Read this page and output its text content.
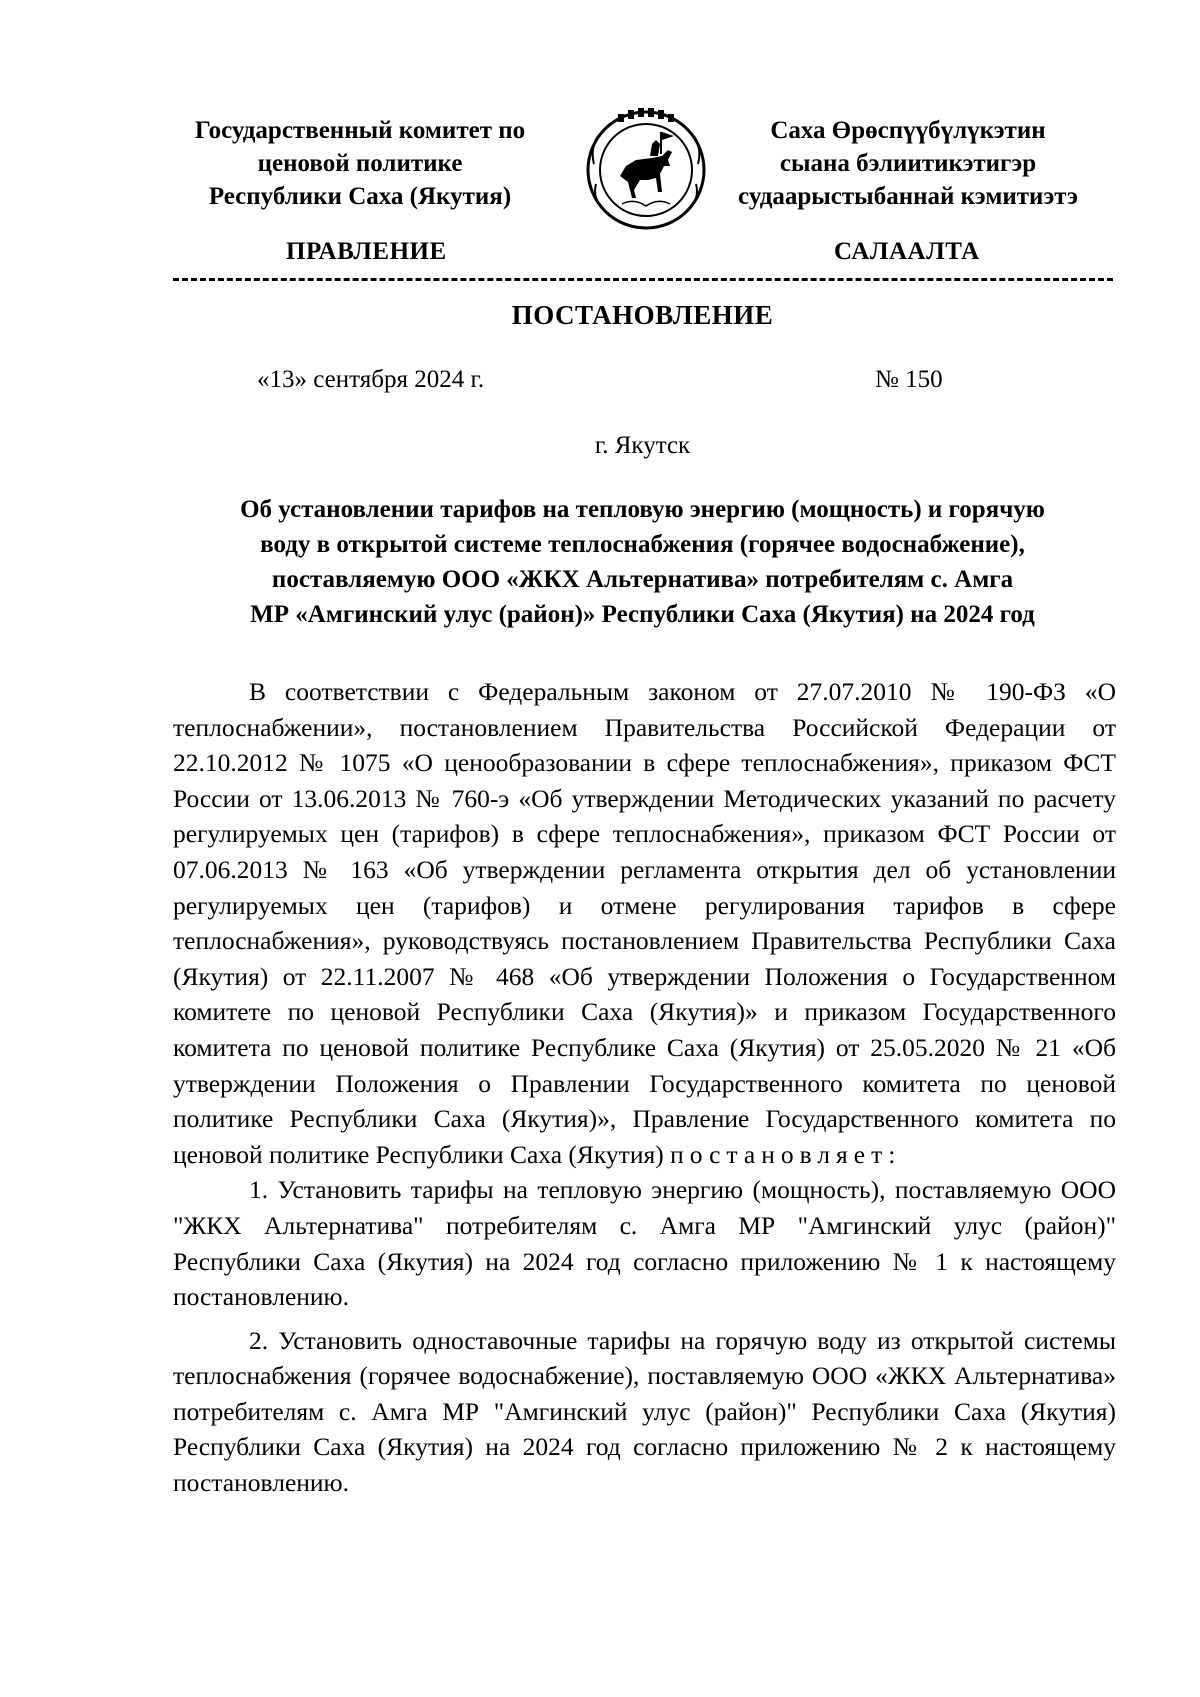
Государственный комитет по
ценовой политике
Республики Саха (Якутия)
Саха Өрөспүүбүлүкэтин
сыана бэлиитикэтигэр
судаарыстыбаннай кэмитиэтэ
ПРАВЛЕНИЕ	САЛААЛТА
ПОСТАНОВЛЕНИЕ
«13» сентября 2024 г.	№ 150
г. Якутск
Об установлении тарифов на тепловую энергию (мощность) и горячую
воду в открытой системе теплоснабжения (горячее водоснабжение),
поставляемую ООО «ЖКХ Альтернатива» потребителям с. Амга
МР «Амгинский улус (район)» Республики Саха (Якутия) на 2024 год

В соответствии с Федеральным законом от 27.07.2010 № 190-ФЗ «О теплоснабжении», постановлением Правительства Российской Федерации от 22.10.2012 № 1075 «О ценообразовании в сфере теплоснабжения», приказом ФСТ России от 13.06.2013 № 760-э «Об утверждении Методических указаний по расчету регулируемых цен (тарифов) в сфере теплоснабжения», приказом ФСТ России от 07.06.2013 № 163 «Об утверждении регламента открытия дел об установлении регулируемых цен (тарифов) и отмене регулирования тарифов в сфере теплоснабжения», руководствуясь постановлением Правительства Республики Саха (Якутия) от 22.11.2007 № 468 «Об утверждении Положения о Государственном комитете по ценовой Республики Саха (Якутия)» и приказом Государственного комитета по ценовой политике Республике Саха (Якутия) от 25.05.2020 № 21 «Об утверждении Положения о Правлении Государственного комитета по ценовой политике Республики Саха (Якутия)», Правление Государственного комитета по ценовой политике Республики Саха (Якутия) постановляет:

1. Установить тарифы на тепловую энергию (мощность), поставляемую ООО "ЖКХ Альтернатива" потребителям с. Амга МР "Амгинский улус (район)" Республики Саха (Якутия) на 2024 год согласно приложению № 1 к настоящему постановлению.

2. Установить одноставочные тарифы на горячую воду из открытой системы теплоснабжения (горячее водоснабжение), поставляемую ООО «ЖКХ Альтернатива» потребителям с. Амга МР "Амгинский улус (район)" Республики Саха (Якутия) Республики Саха (Якутия) на 2024 год согласно приложению № 2 к настоящему постановлению.
